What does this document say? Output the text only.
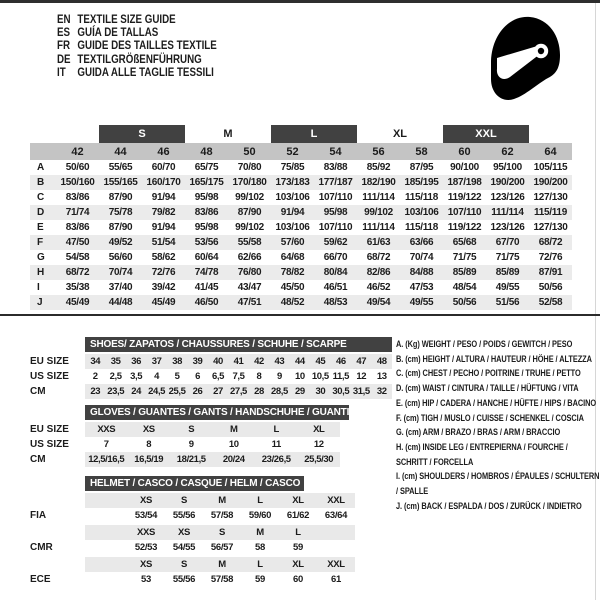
EN TEXTILE SIZE GUIDE
ES GUÍA DE TALLAS
FR GUIDE DES TAILLES TEXTILE
DE TEXTILGRÖßENFÜHRUNG
IT	GUIDA ALLE TAGLIE TESSILI
S	M	L	XL	XXL
42	44	46	48	50	52	54	56	58	60	62	64
A	50/60	55/65	60/70	65/75	70/80	75/85	83/88	85/92	87/95	90/100	95/100	105/115
B	150/160 155/165 160/170 165/175 170/180 173/183 177/187 182/190 185/195 187/198 190/200 190/200
C	83/86	87/90	91/94	95/98	99/102	103/106 107/110	111/114	115/118 119/122 123/126 127/130
D	71/74	75/78	79/82	83/86	87/90	91/94	95/98	99/102	103/106 107/110	111/114	115/119
E	83/86	87/90	91/94	95/98	99/102	103/106 107/110	111/114	115/118 119/122 123/126 127/130
F	47/50	49/52	51/54	53/56	55/58	57/60	59/62	61/63	63/66	65/68	67/70	68/72
G	54/58	56/60	58/62	60/64	62/66	64/68	66/70	68/72	70/74	71/75	71/75	72/76
H	68/72	70/74	72/76	74/78	76/80	78/82	80/84	82/86	84/88	85/89	85/89	87/91
I	35/38	37/40	39/42	41/45	43/47	45/50	46/51	46/52	47/53	48/54	49/55	50/56
J	45/49	44/48	45/49	46/50	47/51	48/52	48/53	49/54	49/55	50/56	51/56	52/58
SHOES/ ZAPATOS / CHAUSSURES / SCHUHE / SCARPE
EU SIZE	34	35	36	37	38	39	40	41	42	43	44	45	46	47	48
US SIZE	2	2,5 3,5	4	5	6	6,5 7,5	8	9	10 10,5 11,5 12	13
CM	23 23,5 24 24,5 25,5 26	27 27,5 28 28,5 29	30 30,5 31,5 32
GLOVES / GUANTES / GANTS / HANDSCHUHE / GUANTI
EU SIZE	XXS	XS	S	M	L	XL
US SIZE	7	8	9	10	11	12
CM	12,5/16,5	16,5/19	18/21,5	20/24	23/26,5	25,5/30
HELMET / CASCO / CASQUE / HELM / CASCO
XS	S	M	L	XL	XXL
FIA	53/54	55/56	57/58	59/60	61/62	63/64
XXS	XS	S	M	L
CMR	52/53	54/55	56/57	58	59
XS	S	M	L	XL	XXL
ECE	53	55/56	57/58	59	60	61
A. (Kg) WEIGHT / PESO / POIDS / GEWITCH / PESO
B. (cm) HEIGHT / ALTURA / HAUTEUR / HÖHE / ALTEZZA
C. (cm) CHEST / PECHO / POITRINE / TRUHE / PETTO
D. (cm) WAIST / CINTURA / TAILLE / HÜFTUNG / VITA
E. (cm) HIP / CADERA / HANCHE / HÜFTE / HIPS / BACINO
F. (cm) TIGH / MUSLO / CUISSE / SCHENKEL / COSCIA
G. (cm) ARM / BRAZO / BRAS / ARM / BRACCIO
H. (cm) INSIDE LEG / ENTREPIERNA / FOURCHE / SCHRITT / FORCELLA
I. (cm) SHOULDERS / HOMBROS / ÉPAULES / SCHULTERN / SPALLE
J. (cm) BACK / ESPALDA / DOS / ZURÜCK / INDIETRO
